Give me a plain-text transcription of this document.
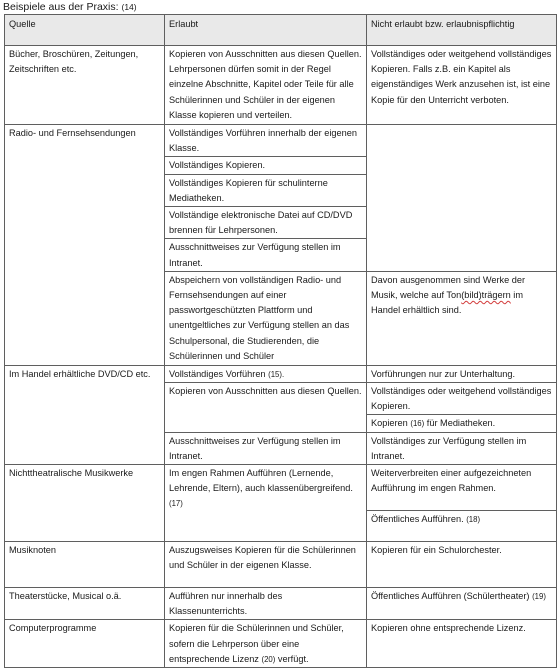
Beispiele aus der Praxis: (14)
Quelle	Erlaubt	Nicht erlaubt bzw. erlaubnispflichtig
Bücher, Broschüren, Zeitungen, Zeitschriften etc.	Kopieren von Ausschnitten aus diesen Quellen. Lehrpersonen dürfen somit in der Regel einzelne Abschnitte, Kapitel oder Teile für alle Schülerinnen und Schüler in der eigenen Klasse kopieren und verteilen.	Vollständiges oder weitgehend vollständiges Kopieren. Falls z.B. ein Kapitel als eigenständiges Werk anzusehen ist, ist eine Kopie für den Unterricht verboten.
Radio- und Fernsehsendungen	Vollständiges Vorführen innerhalb der eigenen Klasse.	
	Vollständiges Kopieren.	
	Vollständiges Kopieren für schulinterne Mediatheken.	
	Vollständige elektronische Datei auf CD/DVD brennen für Lehrpersonen.	
	Ausschnittweises zur Verfügung stellen im Intranet.	
	Abspeichern von vollständigen Radio- und Fernsehsendungen auf einer passwortgeschützten Plattform und unentgeltliches zur Verfügung stellen an das Schulpersonal, die Studierenden, die Schülerinnen und Schüler	Davon ausgenommen sind Werke der Musik, welche auf Ton(bild)trägern im Handel erhältlich sind.
Im Handel erhältliche DVD/CD etc.	Vollständiges Vorführen (15).	Vorführungen nur zur Unterhaltung.
	Kopieren von Ausschnitten aus diesen Quellen.	Vollständiges oder weitgehend vollständiges Kopieren.
		Kopieren (16) für Mediatheken.
	Ausschnittweises zur Verfügung stellen im Intranet.	Vollständiges zur Verfügung stellen im Intranet.
Nichttheatralische Musikwerke	Im engen Rahmen Aufführen (Lernende, Lehrende, Eltern), auch klassenübergreifend. (17)	Weiterverbreiten einer aufgezeichneten Aufführung im engen Rahmen.
		Öffentliches Aufführen. (18)
Musiknoten	Auszugsweises Kopieren für die Schülerinnen und Schüler in der eigenen Klasse.	Kopieren für ein Schulorchester.
Theaterstücke, Musical o.ä.	Aufführen nur innerhalb des Klassenunterrichts.	Öffentliches Aufführen (Schülertheater) (19)
Computerprogramme	Kopieren für die Schülerinnen und Schüler, sofern die Lehrperson über eine entsprechende Lizenz (20) verfügt.	Kopieren ohne entsprechende Lizenz.
